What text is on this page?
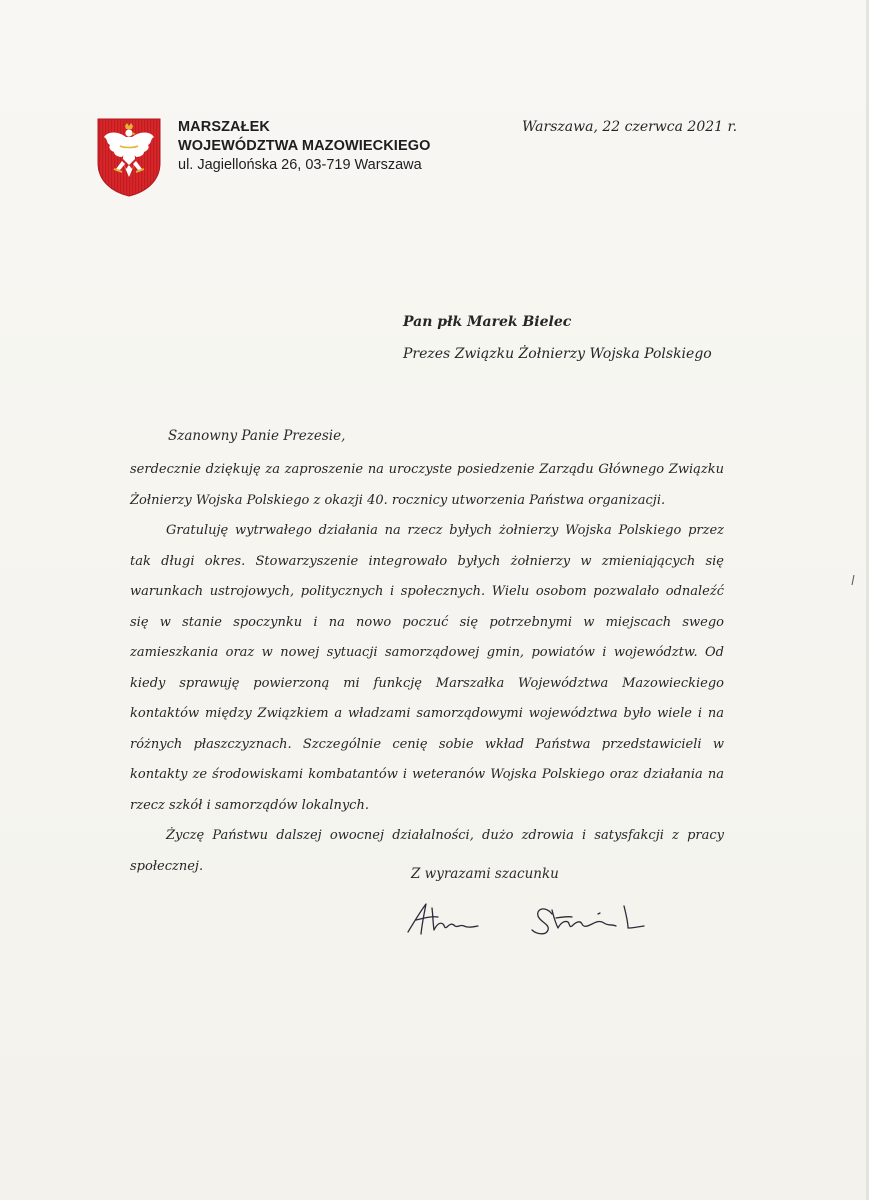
MARSZAŁEK
WOJEWÓDZTWA MAZOWIECKIEGO
ul. Jagiellońska 26, 03-719 Warszawa
Warszawa, 22 czerwca 2021 r.
Pan płk Marek Bielec
Prezes Związku Żołnierzy Wojska Polskiego
Szanowny Panie Prezesie,

serdecznie dziękuję za zaproszenie na uroczyste posiedzenie Zarządu Głównego Związku Żołnierzy Wojska Polskiego z okazji 40. rocznicy utworzenia Państwa organizacji.

Gratuluję wytrwałego działania na rzecz byłych żołnierzy Wojska Polskiego przez tak długi okres. Stowarzyszenie integrowało byłych żołnierzy w zmieniających się warunkach ustrojowych, politycznych i społecznych. Wielu osobom pozwalało odnaleźć się w stanie spoczynku i na nowo poczuć się potrzebnymi w miejscach swego zamieszkania oraz w nowej sytuacji samorządowej gmin, powiatów i województw. Od kiedy sprawuję powierzoną mi funkcję Marszałka Województwa Mazowieckiego kontaktów między Związkiem a władzami samorządowymi województwa było wiele i na różnych płaszczyznach. Szczególnie cenię sobie wkład Państwa przedstawicieli w kontakty ze środowiskami kombatantów i weteranów Wojska Polskiego oraz działania na rzecz szkół i samorządów lokalnych.

Życzę Państwu dalszej owocnej działalności, dużo zdrowia i satysfakcji z pracy społecznej.	Z wyrazami szacunku
